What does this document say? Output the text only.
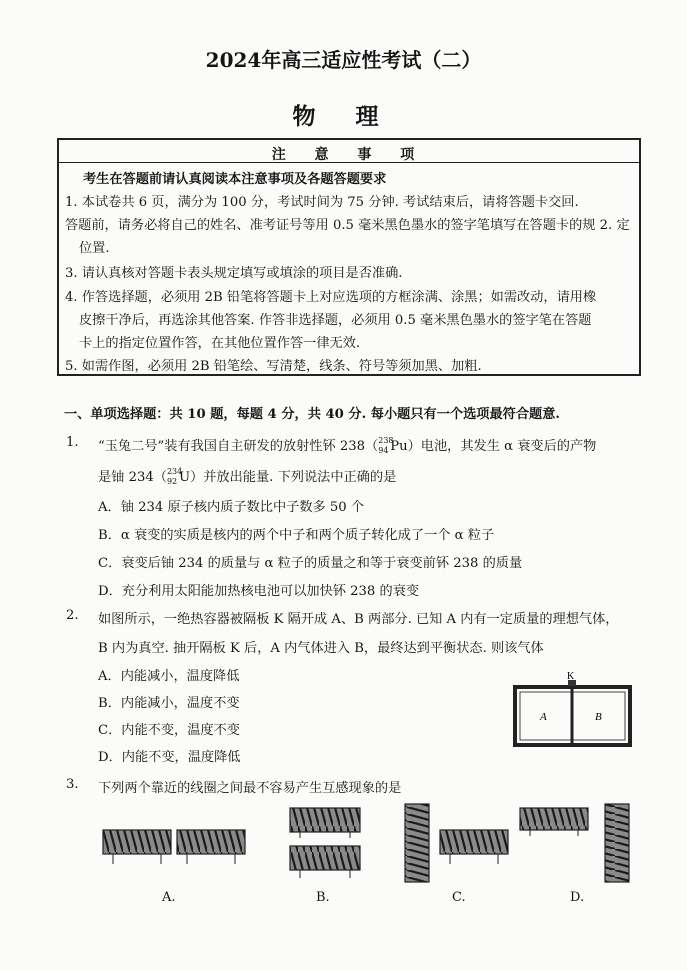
2024年高三适应性考试（二）
物 理
注 意 事 项
考生在答题前请认真阅读本注意事项及各题答题要求
1. 本试卷共 6 页，满分为 100 分，考试时间为 75 分钟. 考试结束后，请将答题卡交回.
答题前，请务必将自己的姓名、准考证号等用 0.5 毫米黑色墨水的签字笔填写在答题卡的规 2. 定
位置.
3. 请认真核对答题卡表头规定填写或填涂的项目是否准确.
4. 作答选择题，必须用 2B 铅笔将答题卡上对应选项的方框涂满、涂黑；如需改动，请用橡
皮擦干净后，再选涂其他答案. 作答非选择题，必须用 0.5 毫米黑色墨水的签字笔在答题
卡上的指定位置作答，在其他位置作答一律无效.
5. 如需作图，必须用 2B 铅笔绘、写清楚，线条、符号等须加黑、加粗.
一、单项选择题：共 10 题，每题 4 分，共 40 分. 每小题只有一个选项最符合题意.
1. “玉兔二号”装有我国自主研发的放射性钚 238（ 238
94 Pu）电池，其发生 α 衰变后的产物
是铀 234（ 234
92 U）并放出能量. 下列说法中正确的是
A．铀 234 原子核内质子数比中子数多 50 个
B．α 衰变的实质是核内的两个中子和两个质子转化成了一个 α 粒子
C．衰变后铀 234 的质量与 α 粒子的质量之和等于衰变前钚 238 的质量
D．充分利用太阳能加热核电池可以加快钚 238 的衰变
2. 如图所示，一绝热容器被隔板 K 隔开成 A、B 两部分. 已知 A 内有一定质量的理想气体，
B 内为真空. 抽开隔板 K 后，A 内气体进入 B，最终达到平衡状态. 则该气体
A．内能减小，温度降低
B．内能减小，温度不变
C．内能不变，温度不变
D．内能不变，温度降低
K
A	B
3. 下列两个靠近的线圈之间最不容易产生互感现象的是
A.	B.	C.	D.
